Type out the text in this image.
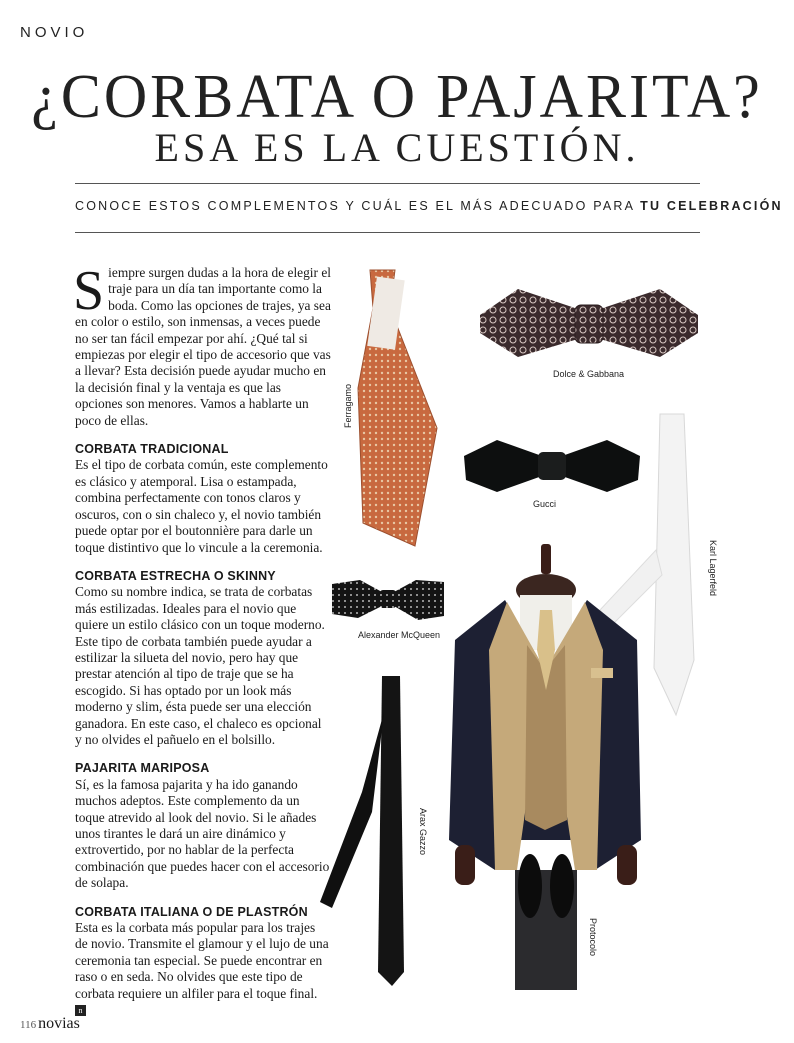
NOVIO
¿CORBATA O PAJARITA?
ESA ES LA CUESTIÓN.
CONOCE ESTOS COMPLEMENTOS Y CUÁL ES EL MÁS ADECUADO PARA TU CELEBRACIÓN

Siempre surgen dudas a la hora de elegir el traje para un día tan importante como la boda. Como las opciones de trajes, ya sea en color o estilo, son inmensas, a veces puede no ser tan fácil empezar por ahí. ¿Qué tal si empiezas por elegir el tipo de accesorio que vas a llevar? Esta decisión puede ayudar mucho en la decisión final y la ventaja es que las opciones son menores. Vamos a hablarte un poco de ellas.

CORBATA TRADICIONAL

Es el tipo de corbata común, este complemento es clásico y atemporal. Lisa o estampada, combina perfectamente con tonos claros y oscuros, con o sin chaleco y, el novio también puede optar por el boutonnière para darle un toque distintivo que lo vincule a la ceremonia.

CORBATA ESTRECHA O SKINNY

Como su nombre indica, se trata de corbatas más estilizadas. Ideales para el novio que quiere un estilo clásico con un toque moderno. Este tipo de corbata también puede ayudar a estilizar la silueta del novio, pero hay que prestar atención al tipo de traje que se ha escogido. Si has optado por un look más moderno y slim, ésta puede ser una elección ganadora. En este caso, el chaleco es opcional y no olvides el pañuelo en el bolsillo.

PAJARITA MARIPOSA

Sí, es la famosa pajarita y ha ido ganando muchos adeptos. Este complemento da un toque atrevido al look del novio. Si le añades unos tirantes le dará un aire dinámico y extrovertido, por no hablar de la perfecta combinación que puedes hacer con el accesorio de solapa.

CORBATA ITALIANA O DE PLASTRÓN

Esta es la corbata más popular para los trajes de novio. Transmite el glamour y el lujo de una ceremonia tan especial. Se puede encontrar en raso o en seda. No olvides que este tipo de corbata requiere un alfiler para el toque final. n

Ferragamo
Dolce & Gabbana
Gucci
Karl Lagerfeld
Alexander McQueen
Arax Gazzo
Protocolo
116 novias
